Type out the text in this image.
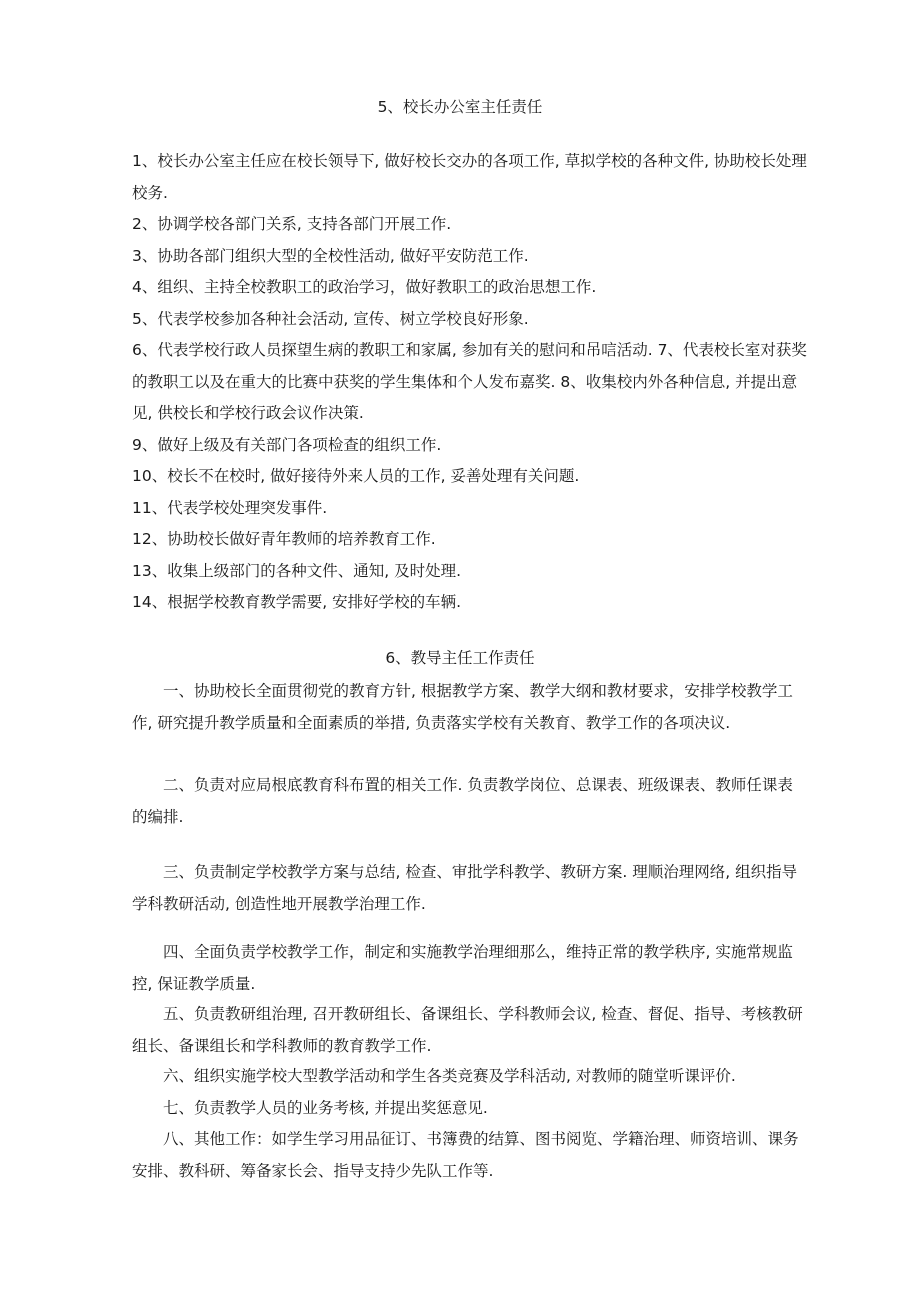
5、校长办公室主任责任
1、校长办公室主任应在校长领导下, 做好校长交办的各项工作, 草拟学校的各种文件, 协助校长处理校务.
2、协调学校各部门关系, 支持各部门开展工作.
3、协助各部门组织大型的全校性活动, 做好平安防范工作.
4、组织、主持全校教职工的政治学习，做好教职工的政治思想工作.
5、代表学校参加各种社会活动, 宣传、树立学校良好形象.
6、代表学校行政人员探望生病的教职工和家属, 参加有关的慰问和吊唁活动. 7、代表校长室对获奖的教职工以及在重大的比赛中获奖的学生集体和个人发布嘉奖. 8、收集校内外各种信息, 并提出意见, 供校长和学校行政会议作决策.
9、做好上级及有关部门各项检查的组织工作.
10、校长不在校时, 做好接待外来人员的工作, 妥善处理有关问题.
11、代表学校处理突发事件.
12、协助校长做好青年教师的培养教育工作.
13、收集上级部门的各种文件、通知, 及时处理.
14、根据学校教育教学需要, 安排好学校的车辆.
6、教导主任工作责任

一、协助校长全面贯彻党的教育方针, 根据教学方案、教学大纲和教材要求，安排学校教学工作, 研究提升教学质量和全面素质的举措, 负责落实学校有关教育、教学工作的各项决议.

二、负责对应局根底教育科布置的相关工作. 负责教学岗位、总课表、班级课表、教师任课表的编排.

三、负责制定学校教学方案与总结, 检查、审批学科教学、教研方案. 理顺治理网络, 组织指导学科教研活动, 创造性地开展教学治理工作.

四、全面负责学校教学工作，制定和实施教学治理细那么，维持正常的教学秩序, 实施常规监控, 保证教学质量.

五、负责教研组治理, 召开教研组长、备课组长、学科教师会议, 检查、督促、指导、考核教研组长、备课组长和学科教师的教育教学工作.

六、组织实施学校大型教学活动和学生各类竞赛及学科活动, 对教师的随堂听课评价.

七、负责教学人员的业务考核, 并提出奖惩意见.

八、其他工作：如学生学习用品征订、书簿费的结算、图书阅览、学籍治理、师资培训、课务安排、教科研、筹备家长会、指导支持少先队工作等.
